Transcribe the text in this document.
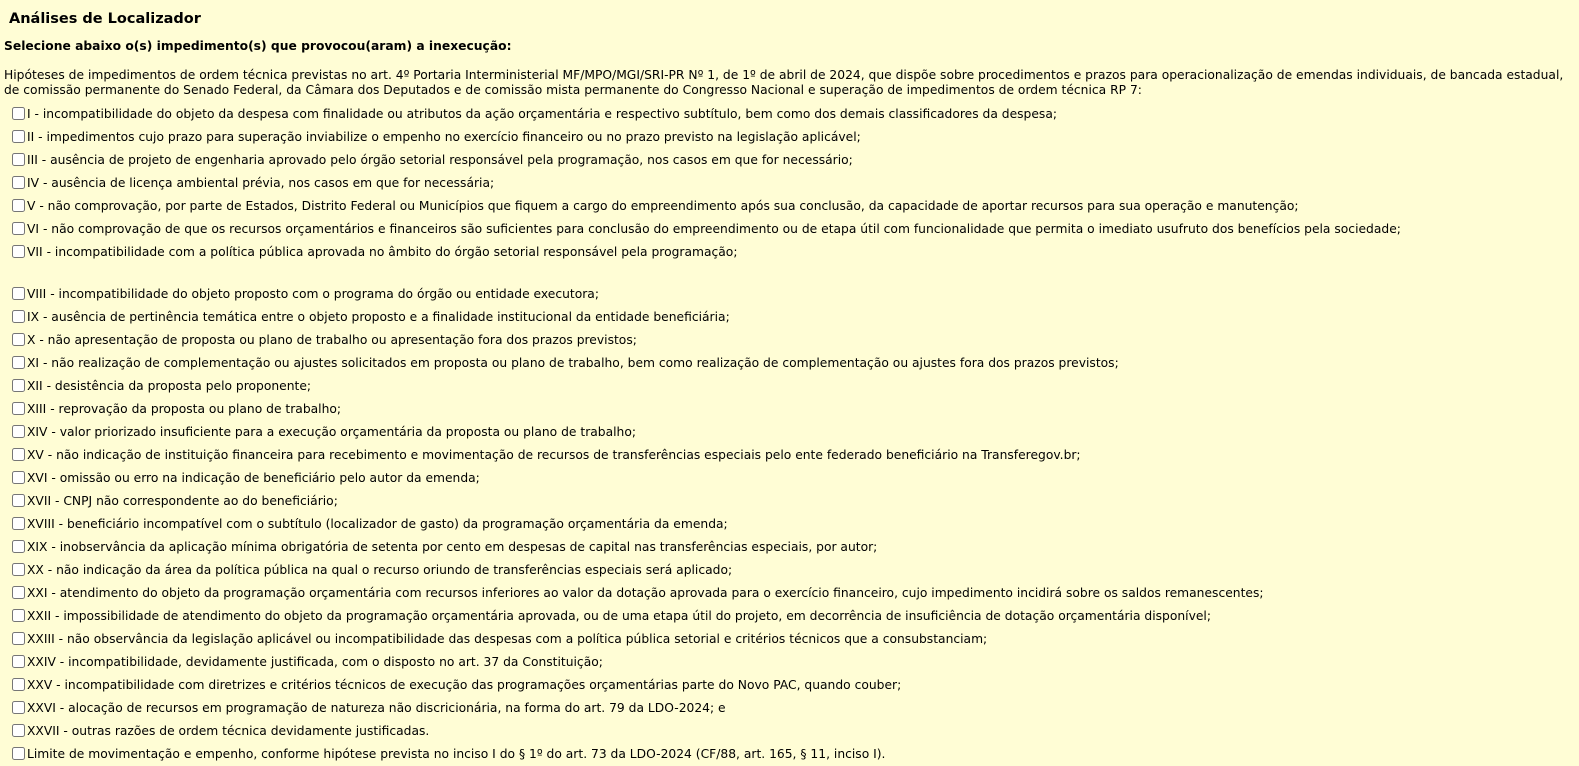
Análises de Localizador
Selecione abaixo o(s) impedimento(s) que provocou(aram) a inexecução:
Hipóteses de impedimentos de ordem técnica previstas no art. 4º Portaria Interministerial MF/MPO/MGI/SRI-PR Nº 1, de 1º de abril de 2024, que dispõe sobre procedimentos e prazos para operacionalização de emendas individuais, de bancada estadual, de comissão permanente do Senado Federal, da Câmara dos Deputados e de comissão mista permanente do Congresso Nacional e superação de impedimentos de ordem técnica RP 7:
I - incompatibilidade do objeto da despesa com finalidade ou atributos da ação orçamentária e respectivo subtítulo, bem como dos demais classificadores da despesa;
II - impedimentos cujo prazo para superação inviabilize o empenho no exercício financeiro ou no prazo previsto na legislação aplicável;
III - ausência de projeto de engenharia aprovado pelo órgão setorial responsável pela programação, nos casos em que for necessário;
IV - ausência de licença ambiental prévia, nos casos em que for necessária;
V - não comprovação, por parte de Estados, Distrito Federal ou Municípios que fiquem a cargo do empreendimento após sua conclusão, da capacidade de aportar recursos para sua operação e manutenção;
VI - não comprovação de que os recursos orçamentários e financeiros são suficientes para conclusão do empreendimento ou de etapa útil com funcionalidade que permita o imediato usufruto dos benefícios pela sociedade;
VII - incompatibilidade com a política pública aprovada no âmbito do órgão setorial responsável pela programação;
VIII - incompatibilidade do objeto proposto com o programa do órgão ou entidade executora;
IX - ausência de pertinência temática entre o objeto proposto e a finalidade institucional da entidade beneficiária;
X - não apresentação de proposta ou plano de trabalho ou apresentação fora dos prazos previstos;
XI - não realização de complementação ou ajustes solicitados em proposta ou plano de trabalho, bem como realização de complementação ou ajustes fora dos prazos previstos;
XII - desistência da proposta pelo proponente;
XIII - reprovação da proposta ou plano de trabalho;
XIV - valor priorizado insuficiente para a execução orçamentária da proposta ou plano de trabalho;
XV - não indicação de instituição financeira para recebimento e movimentação de recursos de transferências especiais pelo ente federado beneficiário na Transferegov.br;
XVI - omissão ou erro na indicação de beneficiário pelo autor da emenda;
XVII - CNPJ não correspondente ao do beneficiário;
XVIII - beneficiário incompatível com o subtítulo (localizador de gasto) da programação orçamentária da emenda;
XIX - inobservância da aplicação mínima obrigatória de setenta por cento em despesas de capital nas transferências especiais, por autor;
XX - não indicação da área da política pública na qual o recurso oriundo de transferências especiais será aplicado;
XXI - atendimento do objeto da programação orçamentária com recursos inferiores ao valor da dotação aprovada para o exercício financeiro, cujo impedimento incidirá sobre os saldos remanescentes;
XXII - impossibilidade de atendimento do objeto da programação orçamentária aprovada, ou de uma etapa útil do projeto, em decorrência de insuficiência de dotação orçamentária disponível;
XXIII - não observância da legislação aplicável ou incompatibilidade das despesas com a política pública setorial e critérios técnicos que a consubstanciam;
XXIV - incompatibilidade, devidamente justificada, com o disposto no art. 37 da Constituição;
XXV - incompatibilidade com diretrizes e critérios técnicos de execução das programações orçamentárias parte do Novo PAC, quando couber;
XXVI - alocação de recursos em programação de natureza não discricionária, na forma do art. 79 da LDO-2024; e
XXVII - outras razões de ordem técnica devidamente justificadas.
Limite de movimentação e empenho, conforme hipótese prevista no inciso I do § 1º do art. 73 da LDO-2024 (CF/88, art. 165, § 11, inciso I).
